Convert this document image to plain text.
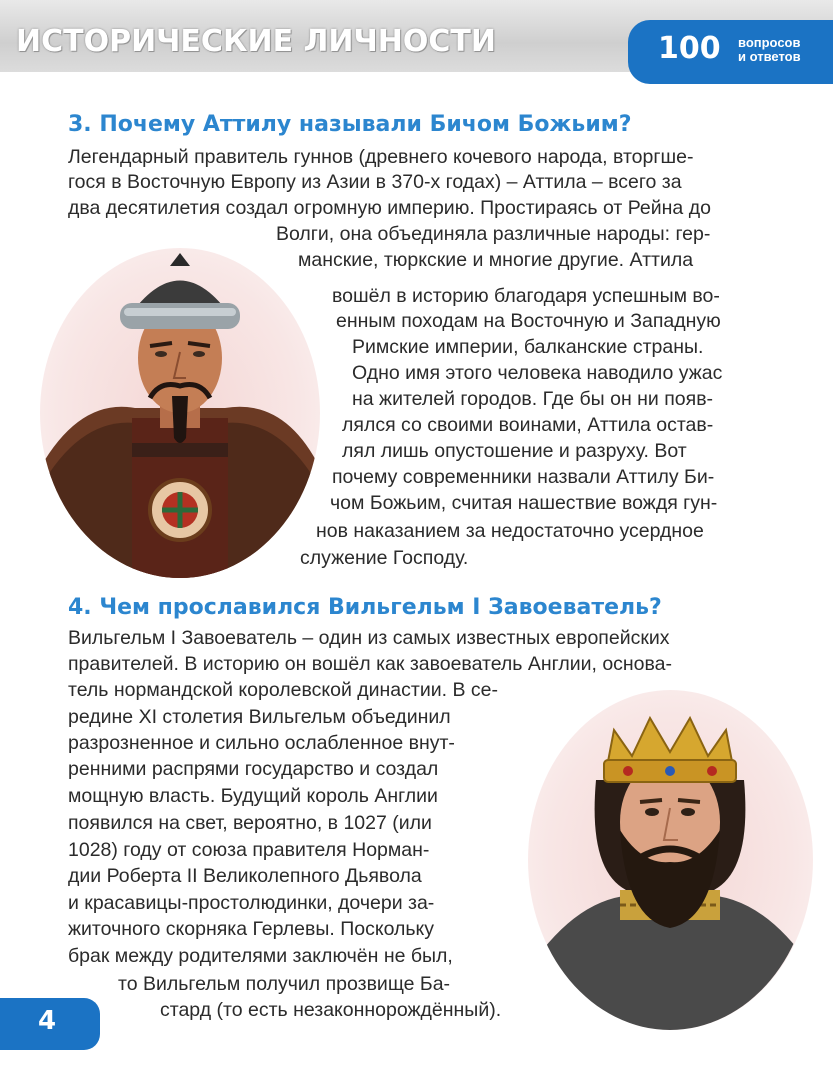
ИСТОРИЧЕСКИЕ ЛИЧНОСТИ	100 вопросов
и ответов
3. Почему Аттилу называли Бичом Божьим?
Легендарный правитель гуннов (древнего кочевого народа, вторгше-
гося в Восточную Европу из Азии в 370-х годах) – Аттила – всего за
два десятилетия создал огромную империю. Простираясь от Рейна до
Волги, она объединяла различные народы: гер-
манские, тюркские и многие другие. Аттила
вошёл в историю благодаря успешным во-
енным походам на Восточную и Западную
Римские империи, балканские страны.
Одно имя этого человека наводило ужас
на жителей городов. Где бы он ни появ-
лялся со своими воинами, Аттила остав-
лял лишь опустошение и разруху. Вот
почему современники назвали Аттилу Би-
чом Божьим, считая нашествие вождя гун-
нов наказанием за недостаточно усердное
служение Господу.
4. Чем прославился Вильгельм I Завоеватель?
Вильгельм I Завоеватель – один из самых известных европейских
правителей. В историю он вошёл как завоеватель Англии, основа-
тель нормандской королевской династии. В се-
редине XI столетия Вильгельм объединил
разрозненное и сильно ослабленное внут-
ренними распрями государство и создал
мощную власть. Будущий король Англии
появился на свет, вероятно, в 1027 (или
1028) году от союза правителя Норман-
дии Роберта II Великолепного Дьявола
и красавицы-простолюдинки, дочери за-
житочного скорняка Герлевы. Поскольку
брак между родителями заключён не был,
то Вильгельм получил прозвище Ба-
стард (то есть незаконнорождённый).
4
